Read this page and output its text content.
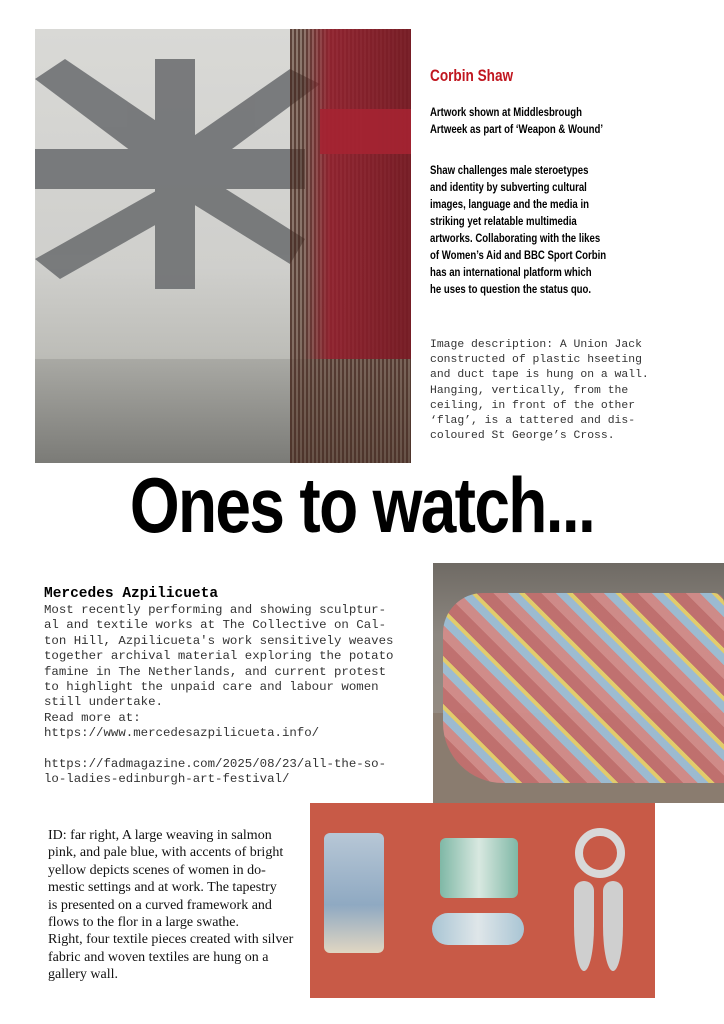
Corbin Shaw
Artwork shown at Middlesbrough
Artweek as part of ‘Weapon & Wound’
Shaw challenges male steroetypes
and identity by subverting cultural
images, language and the media in
striking yet relatable multimedia
artworks. Collaborating with the likes
of Women’s Aid and BBC Sport Corbin
has an international platform which
he uses to question the status quo.
Image description: A Union Jack
constructed of plastic hseeting
and duct tape is hung on a wall.
Hanging, vertically, from the
ceiling, in front of the other
‘flag’, is a tattered and dis-
coloured St George’s Cross.
Ones to watch...
Mercedes Azpilicueta
Most recently performing and showing sculptur-
al and textile works at The Collective on Cal-
ton Hill, Azpilicueta's work sensitively weaves
together archival material exploring the potato
famine in The Netherlands, and current protest
to highlight the unpaid care and labour women
still undertake.
Read more at:
https://www.mercedesazpilicueta.info/

https://fadmagazine.com/2025/08/23/all-the-so-
lo-ladies-edinburgh-art-festival/
ID: far right, A large weaving in salmon
pink, and pale blue, with accents of bright
yellow depicts scenes of women in do-
mestic settings and at work. The tapestry
is presented on a curved framework and
flows to the flor in a large swathe.
Right, four textile pieces created with silver
fabric and woven textiles are hung on a
gallery wall.
